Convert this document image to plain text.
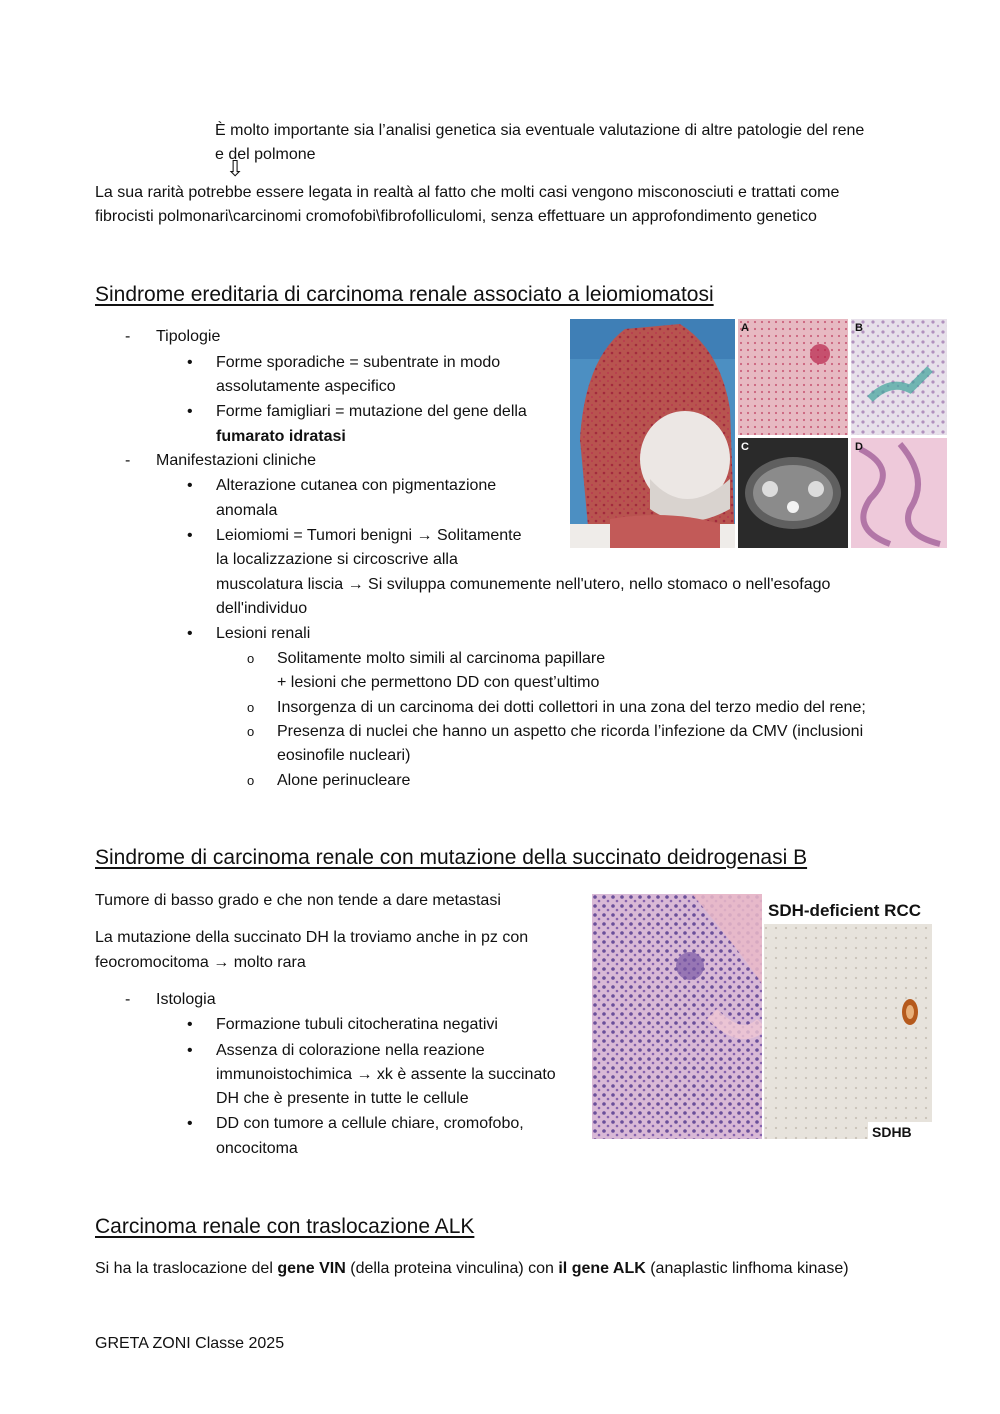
È molto importante sia l’analisi genetica sia eventuale valutazione di altre patologie del rene
e del polmone
⇩
La sua rarità potrebbe essere legata in realtà al fatto che molti casi vengono misconosciuti e trattati come
fibrocisti polmonari\carcinomi cromofobi\fibrofolliculomi, senza effettuare un approfondimento genetico
Sindrome ereditaria di carcinoma renale associato a leiomiomatosi
-	Tipologie
• Forme sporadiche = subentrate in modo
assolutamente aspecifico
• Forme famigliari = mutazione del gene della
fumarato idratasi
-	Manifestazioni cliniche
• Alterazione cutanea con pigmentazione
anomala
• Leiomiomi = Tumori benigni → Solitamente
la localizzazione si circoscrive alla
muscolatura liscia → Si sviluppa comunemente nell'utero, nello stomaco o nell'esofago
dell'individuo
• Lesioni renali
o Solitamente molto simili al carcinoma papillare
+ lesioni che permettono DD con quest’ultimo
o Insorgenza di un carcinoma dei dotti collettori in una zona del terzo medio del rene;
o Presenza di nuclei che hanno un aspetto che ricorda l’infezione da CMV (inclusioni
eosinofile nucleari)
o Alone perinucleare
A	B
C	D
Sindrome di carcinoma renale con mutazione della succinato deidrogenasi B
Tumore di basso grado e che non tende a dare metastasi
La mutazione della succinato DH la troviamo anche in pz con
feocromocitoma → molto rara
-	Istologia
• Formazione tubuli citocheratina negativi
• Assenza di colorazione nella reazione
immunoistochimica → xk è assente la succinato
DH che è presente in tutte le cellule
• DD con tumore a cellule chiare, cromofobo,
oncocitoma
SDH-deficient RCC
SDHB
Carcinoma renale con traslocazione ALK
Si ha la traslocazione del gene VIN (della proteina vinculina) con il gene ALK (anaplastic linfhoma kinase)
GRETA ZONI Classe 2025
